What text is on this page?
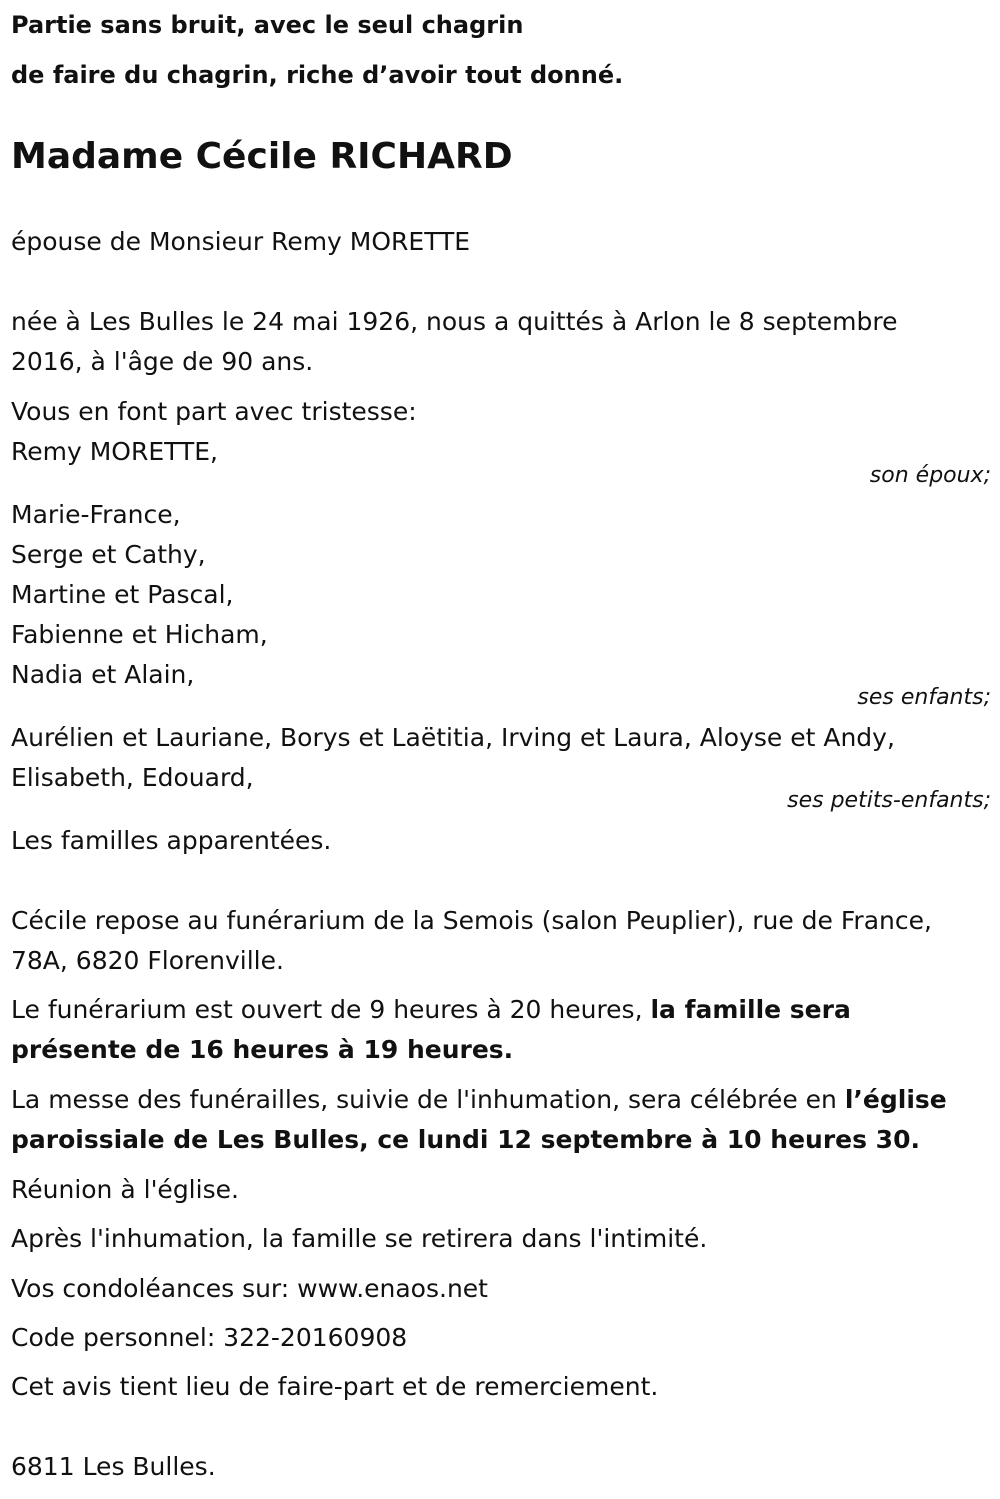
Partie sans bruit, avec le seul chagrin

de faire du chagrin, riche d’avoir tout donné.

Madame Cécile RICHARD
épouse de Monsieur Remy MORETTE
née à Les Bulles le 24 mai 1926, nous a quittés à Arlon le 8 septembre
2016, à l'âge de 90 ans.
Vous en font part avec tristesse:
Remy MORETTE,
son époux;
Marie-France,
Serge et Cathy,
Martine et Pascal,
Fabienne et Hicham,
Nadia et Alain,
ses enfants;
Aurélien et Lauriane, Borys et Laëtitia, Irving et Laura, Aloyse et Andy,
Elisabeth, Edouard,
ses petits-enfants;
Les familles apparentées.
Cécile repose au funérarium de la Semois (salon Peuplier), rue de France,
78A, 6820 Florenville.
Le funérarium est ouvert de 9 heures à 20 heures, la famille sera
présente de 16 heures à 19 heures.
La messe des funérailles, suivie de l'inhumation, sera célébrée en l’église
paroissiale de Les Bulles, ce lundi 12 septembre à 10 heures 30.
Réunion à l'église.
Après l'inhumation, la famille se retirera dans l'intimité.
Vos condoléances sur: www.enaos.net
Code personnel: 322-20160908
Cet avis tient lieu de faire-part et de remerciement.
6811 Les Bulles.
